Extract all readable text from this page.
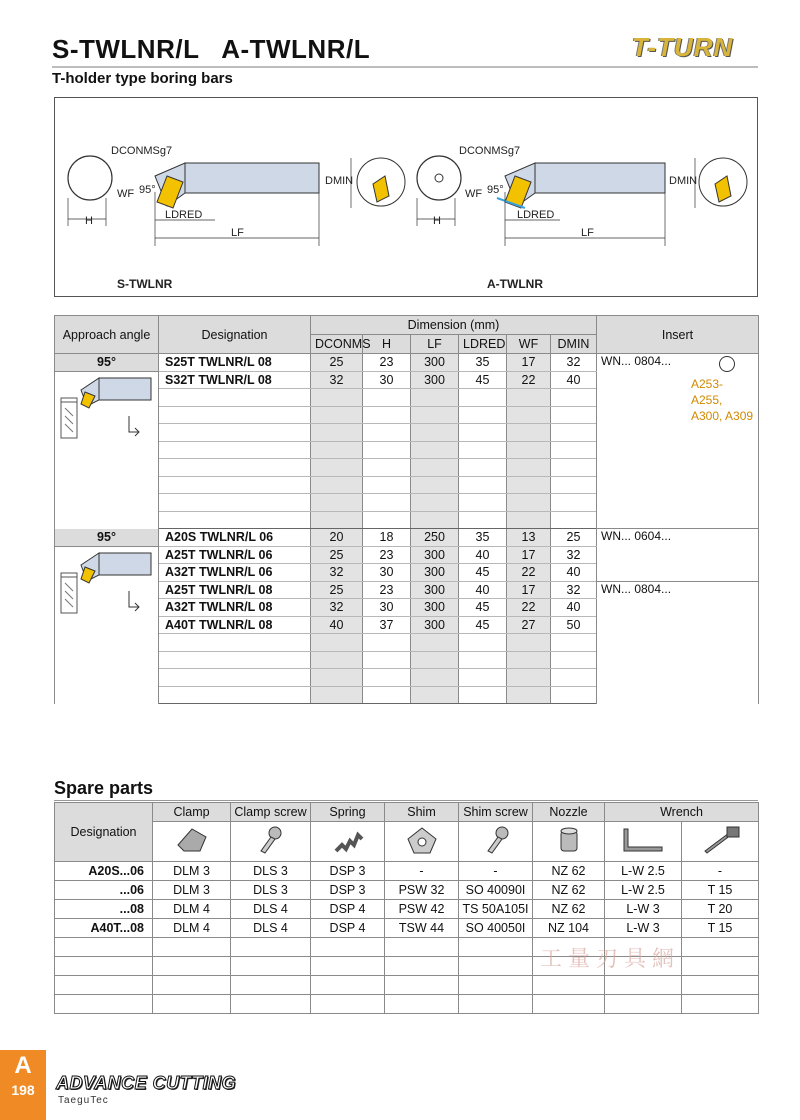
S-TWLNR/L   A-TWLNR/L	T-TURN
T-holder type boring bars
H
LF
LDRED
DCONMSg7
WF 95°
DMIN
S-TWLNR
H
LF
LDRED
DCONMSg7
WF 95°
DMIN
A-TWLNR
Approach angle	Designation	Dimension (mm)						Insert
		DCONMS	H	LF	LDRED	WF	DMIN	
95°	S25T TWLNR/L 08	25	23	300	35	17	32	WN... 0804...
A253-A255,
A300, A309

	S32T TWLNR/L 08	32	30	300	45	22	40	

95°	A20S TWLNR/L 06	20	18	250	35	13	25	WN... 0604...
	A25T TWLNR/L 06	25	23	300	40	17	32	
	A32T TWLNR/L 06	32	30	300	45	22	40	
	A25T TWLNR/L 08	25	23	300	40	17	32	WN... 0804...
	A32T TWLNR/L 08	32	30	300	45	22	40	
	A40T TWLNR/L 08	40	37	300	45	27	50	

Spare parts
Designation	Clamp	Clamp screw	Spring	Shim	Shim screw	Nozzle	Wrench	

A20S...06	DLM 3	DLS 3	DSP 3	-	-	NZ 62	L-W 2.5	-
...06	DLM 3	DLS 3	DSP 3	PSW 32	SO 40090I	NZ 62	L-W 2.5	T 15
...08	DLM 4	DLS 4	DSP 4	PSW 42	TS 50A105I	NZ 62	L-W 3	T 20
A40T...08	DLM 4	DLS 4	DSP 4	TSW 44	SO 40050I	NZ 104	L-W 3	T 15

工量刃具網
A
198	ADVANCE CUTTING
TaeguTec
